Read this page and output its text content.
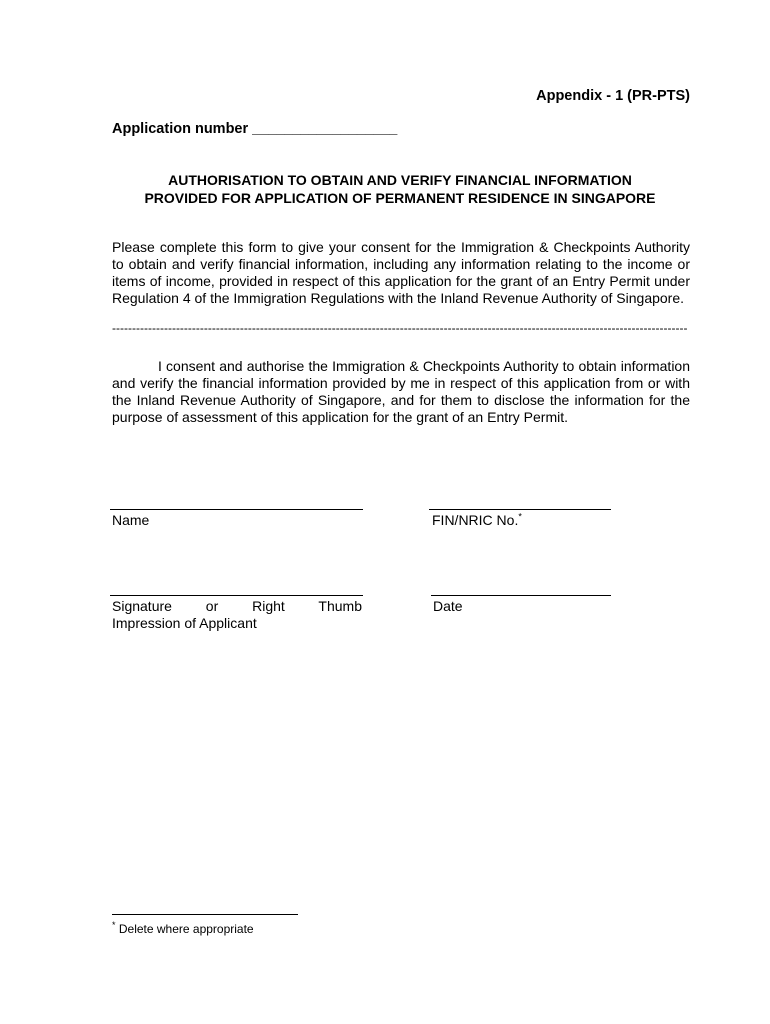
Appendix - 1 (PR-PTS)
Application number __________________
AUTHORISATION TO OBTAIN AND VERIFY FINANCIAL INFORMATION
PROVIDED FOR APPLICATION OF PERMANENT RESIDENCE IN SINGAPORE
Please complete this form to give your consent for the Immigration & Checkpoints Authority to obtain and verify financial information, including any information relating to the income or items of income, provided in respect of this application for the grant of an Entry Permit under Regulation 4 of the Immigration Regulations with the Inland Revenue Authority of Singapore.
------------------------------------------------------------------------------------------------------------------------------------------------
I consent and authorise the Immigration & Checkpoints Authority to obtain information and verify the financial information provided by me in respect of this application from or with the Inland Revenue Authority of Singapore, and for them to disclose the information for the purpose of assessment of this application for the grant of an Entry Permit.
Name	FIN/NRIC No.*
Signature or Right Thumb
Impression of Applicant
Date
* Delete where appropriate
